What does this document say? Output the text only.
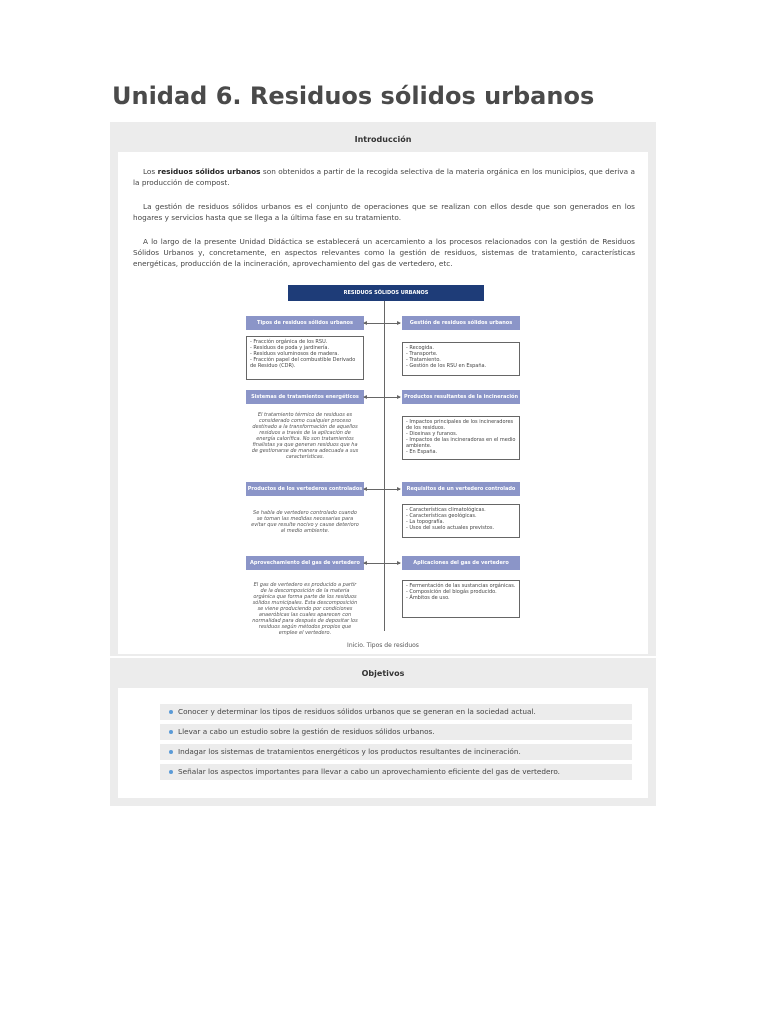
Unidad 6. Residuos sólidos urbanos
Introducción

Los residuos sólidos urbanos son obtenidos a partir de la recogida selectiva de la materia orgánica en los municipios, que deriva a la producción de compost.

La gestión de residuos sólidos urbanos es el conjunto de operaciones que se realizan con ellos desde que son generados en los hogares y servicios hasta que se llega a la última fase en su tratamiento.

A lo largo de la presente Unidad Didáctica se establecerá un acercamiento a los procesos relacionados con la gestión de Residuos Sólidos Urbanos y, concretamente, en aspectos relevantes como la gestión de residuos, sistemas de tratamiento, características energéticas, producción de la incineración, aprovechamiento del gas de vertedero, etc.

RESIDUOS SÓLIDOS URBANOS
Tipos de residuos sólidos urbanos	Gestión de residuos sólidos urbanos
- Fracción orgánica de los RSU.
- Residuos de poda y jardinería.
- Residuos voluminosos de madera.
- Fracción papel del combustible Derivado de Residuo (CDR).
- Recogida.
- Transporte.
- Tratamiento.
- Gestión de los RSU en España.
Sistemas de tratamientos energéticos	Productos resultantes de la incineración
El tratamiento térmico de residuos es considerado como cualquier proceso destinado a la transformación de aquellos residuos a través de la aplicación de energía calorífica. No son tratamientos finalistas ya que generan residuos que ha de gestionarse de manera adecuada a sus características.
- Impactos principales de los incineradores de los residuos.
- Dioxinas y furanos.
- Impactos de las incineradoras en el medio ambiente.
- En España.
Productos de los vertederos controlados	Requisitos de un vertedero controlado
Se habla de vertedero controlado cuando se toman las medidas necesarias para evitar que resulte nocivo y cause deterioro al medio ambiente.
- Características climatológicas.
- Características geológicas.
- La topografía.
- Usos del suelo actuales previstos.
Aprovechamiento del gas de vertedero	Aplicaciones del gas de vertedero
El gas de vertedero es producido a partir de la descomposición de la materia orgánica que forma parte de los residuos sólidos municipales. Esta descomposición se viene produciendo por condiciones anaeróbicas las cuales aparecen con normalidad para después de depositar los residuos según métodos propios que emplee el vertedero.
- Fermentación de las sustancias orgánicas.
- Composición del biogás producido.
- Ámbitos de uso.
Inicio. Tipos de residuos
Objetivos
Conocer y determinar los tipos de residuos sólidos urbanos que se generan en la sociedad actual.
Llevar a cabo un estudio sobre la gestión de residuos sólidos urbanos.
Indagar los sistemas de tratamientos energéticos y los productos resultantes de incineración.
Señalar los aspectos importantes para llevar a cabo un aprovechamiento eficiente del gas de vertedero.
